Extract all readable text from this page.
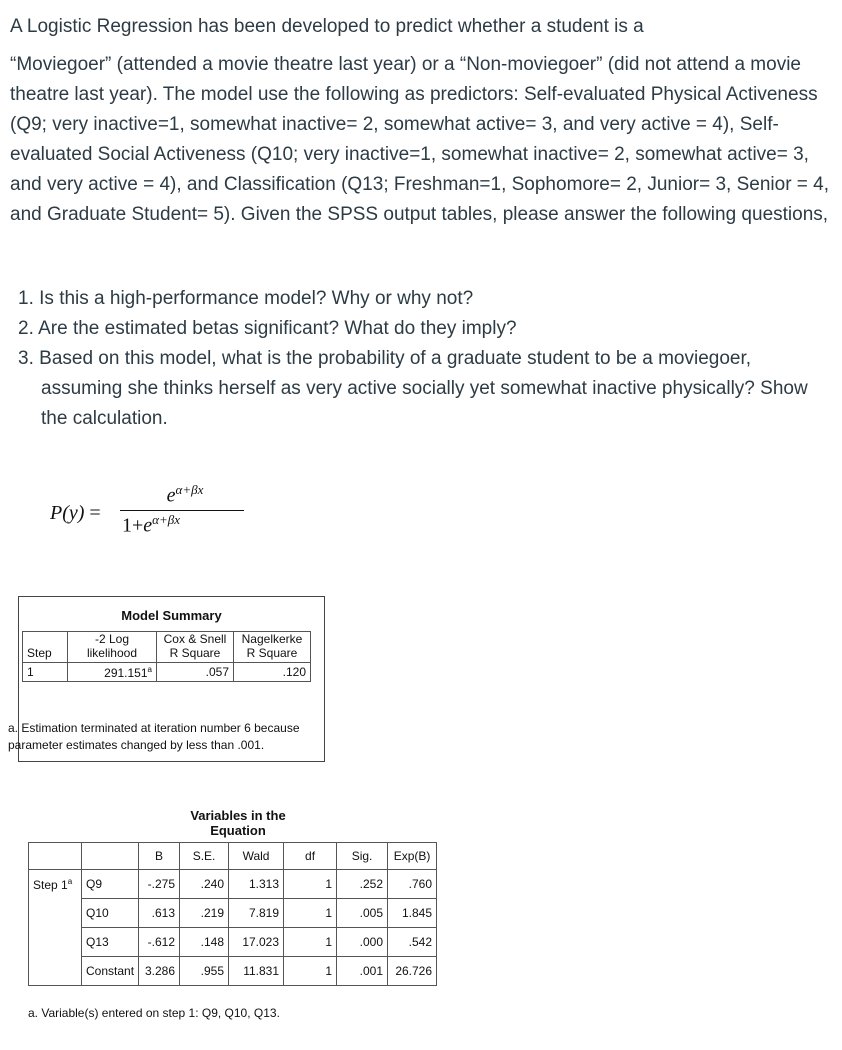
A Logistic Regression has been developed to predict whether a student is a

“Moviegoer” (attended a movie theatre last year) or a “Non-moviegoer” (did not attend a movie theatre last year). The model use the following as predictors: Self-evaluated Physical Activeness (Q9; very inactive=1, somewhat inactive= 2, somewhat active= 3, and very active = 4), Self-evaluated Social Activeness (Q10; very inactive=1, somewhat inactive= 2, somewhat active= 3, and very active = 4), and Classification (Q13; Freshman=1, Sophomore= 2, Junior= 3, Senior = 4, and Graduate Student= 5). Given the SPSS output tables, please answer the following questions,

1. Is this a high-performance model? Why or why not?
2. Are the estimated betas significant? What do they imply?
3. Based on this model, what is the probability of a graduate student to be a moviegoer, assuming she thinks herself as very active socially yet somewhat inactive physically? Show the calculation.
P(y) =
$e^{\alpha+\beta x}$
$1+e^{\alpha+\beta x}$
Model Summary
Step	-2 Log likelihood	Cox & Snell R Square	Nagelkerke R Square
1	291.151$^a$	.057	.120
a. Estimation terminated at iteration number 6 because parameter estimates changed by less than .001.
Variables in the Equation
		B	S.E.	Wald	df	Sig.	Exp(B)
Step 1$^a$	Q9	-.275	.240	1.313	1	.252	.760
	Q10	.613	.219	7.819	1	.005	1.845
	Q13	-.612	.148	17.023	1	.000	.542
	Constant	3.286	.955	11.831	1	.001	26.726
a. Variable(s) entered on step 1: Q9, Q10, Q13.
